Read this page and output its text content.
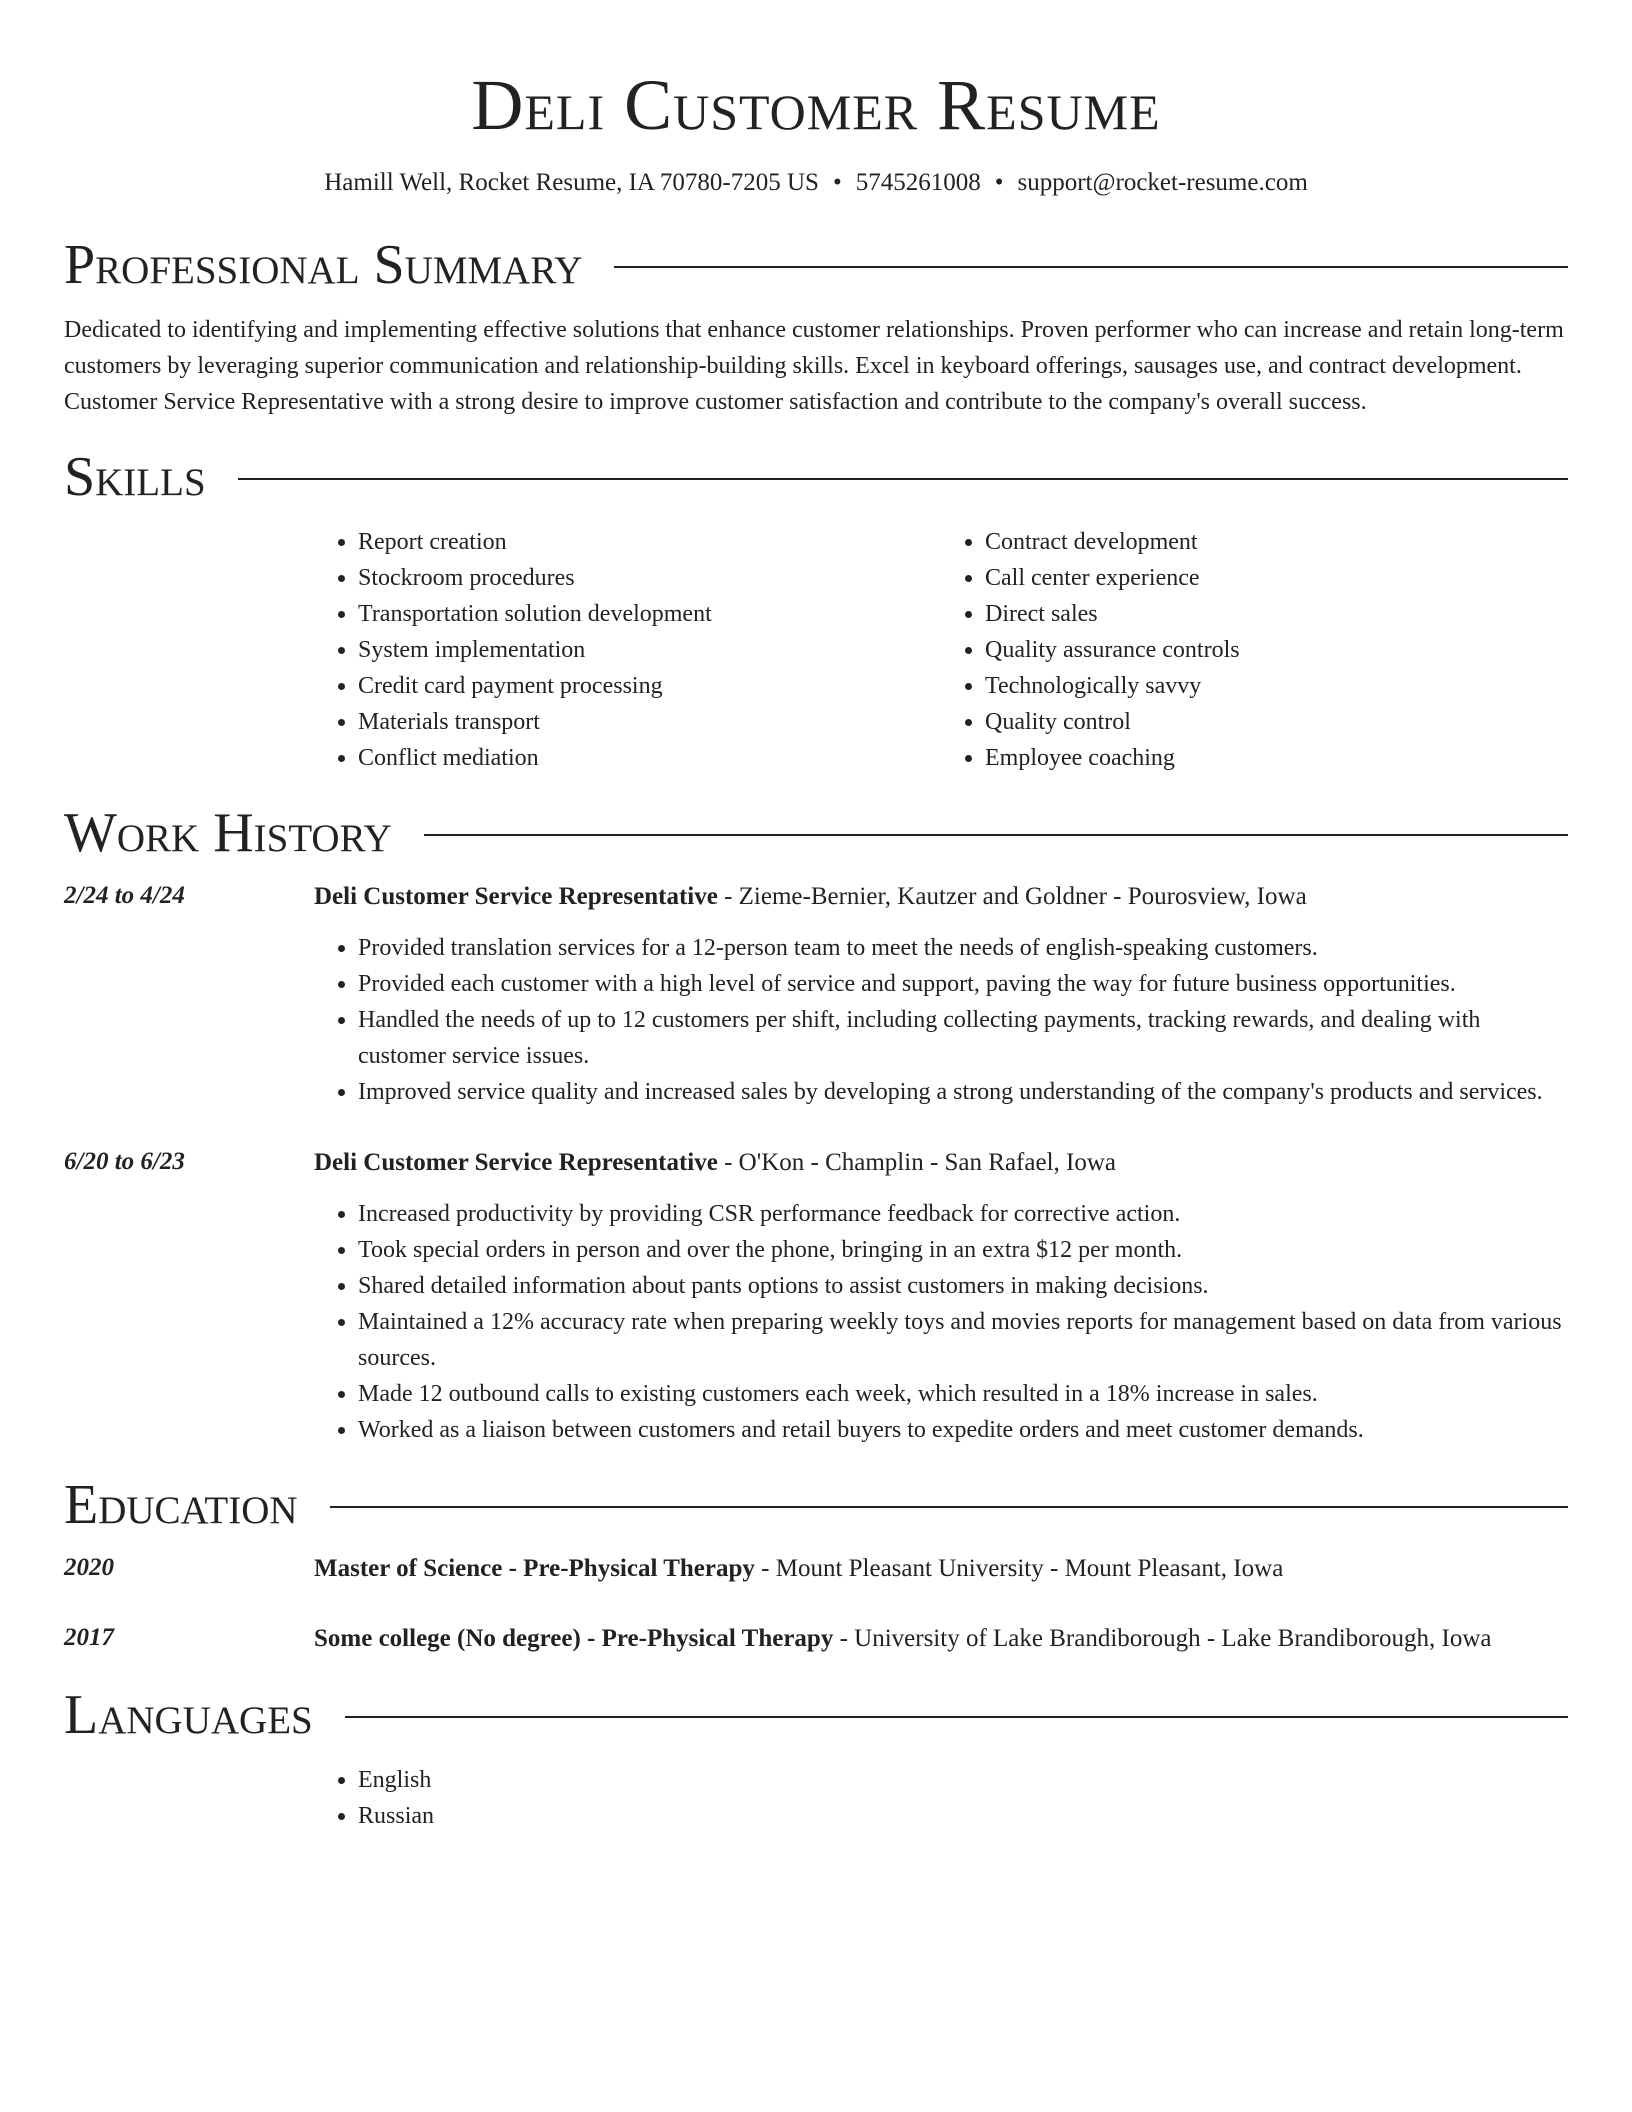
Deli Customer Resume
Hamill Well, Rocket Resume, IA 70780-7205 US • 5745261008 • support@rocket-resume.com
Professional Summary

Dedicated to identifying and implementing effective solutions that enhance customer relationships. Proven performer who can increase and retain long-term customers by leveraging superior communication and relationship-building skills. Excel in keyboard offerings, sausages use, and contract development. Customer Service Representative with a strong desire to improve customer satisfaction and contribute to the company's overall success.

Skills
• Report creation
• Stockroom procedures
• Transportation solution development
• System implementation
• Credit card payment processing
• Materials transport
• Conflict mediation
• Contract development
• Call center experience
• Direct sales
• Quality assurance controls
• Technologically savvy
• Quality control
• Employee coaching
Work History
2/24 to 4/24	Deli Customer Service Representative - Zieme-Bernier, Kautzer and Goldner - Pourosview, Iowa
• Provided translation services for a 12-person team to meet the needs of english-speaking customers.
• Provided each customer with a high level of service and support, paving the way for future business opportunities.
• Handled the needs of up to 12 customers per shift, including collecting payments, tracking rewards, and dealing with customer service issues.
• Improved service quality and increased sales by developing a strong understanding of the company's products and services.
6/20 to 6/23	Deli Customer Service Representative - O'Kon - Champlin - San Rafael, Iowa
• Increased productivity by providing CSR performance feedback for corrective action.
• Took special orders in person and over the phone, bringing in an extra $12 per month.
• Shared detailed information about pants options to assist customers in making decisions.
• Maintained a 12% accuracy rate when preparing weekly toys and movies reports for management based on data from various sources.
• Made 12 outbound calls to existing customers each week, which resulted in a 18% increase in sales.
• Worked as a liaison between customers and retail buyers to expedite orders and meet customer demands.
Education
2020	Master of Science - Pre-Physical Therapy - Mount Pleasant University - Mount Pleasant, Iowa
2017	Some college (No degree) - Pre-Physical Therapy - University of Lake Brandiborough - Lake Brandiborough, Iowa
Languages
• English
• Russian
